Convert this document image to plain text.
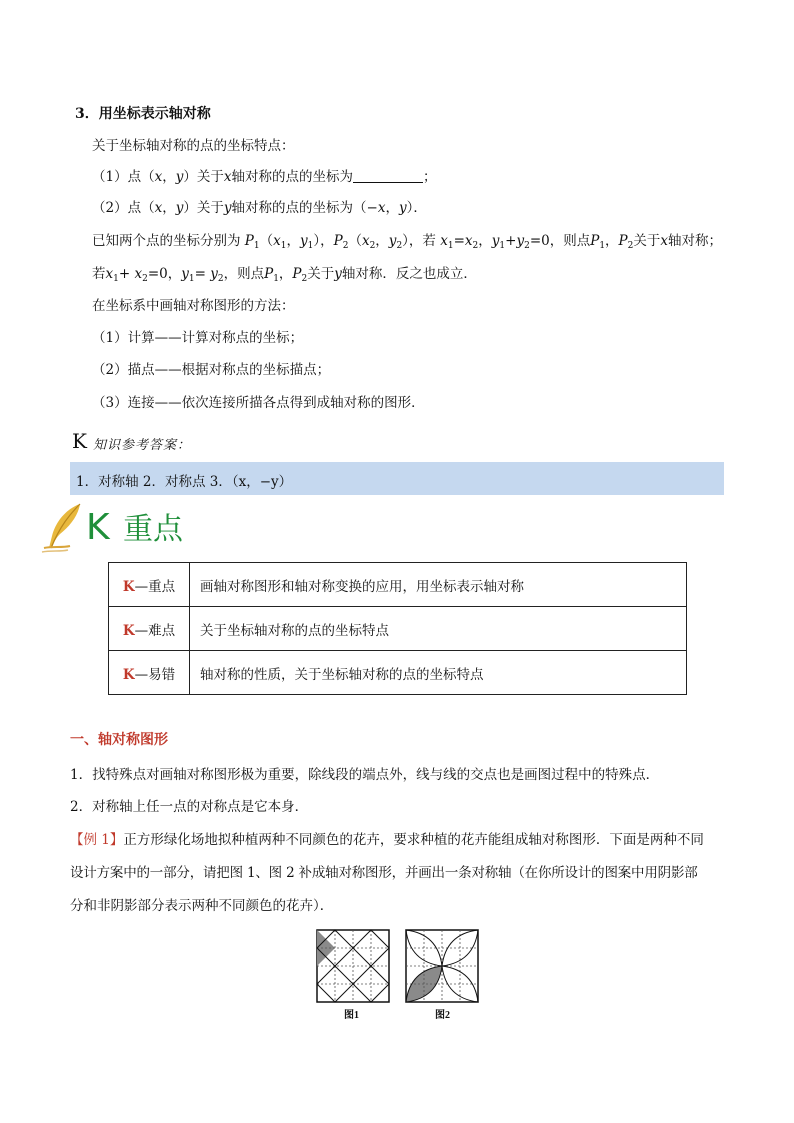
3．用坐标表示轴对称
关于坐标轴对称的点的坐标特点：
（1）点（x，y）关于x轴对称的点的坐标为	；
（2）点（x，y）关于y轴对称的点的坐标为（−x，y）．
已知两个点的坐标分别为 $P_1(x_1$，$y_1$），$P_2(x_2$，$y_2$），若 $x_1=x_2$，$y_1+y_2=0$，则点$P_1$，$P_2$关于x轴对称；
若$x_1+ x_2=0$，$y_1= y_2$，则点$P_1$，$P_2$关于y轴对称．反之也成立．
在坐标系中画轴对称图形的方法：
（1）计算——计算对称点的坐标；
（2）描点——根据对称点的坐标描点；
（3）连接——依次连接所描各点得到成轴对称的图形．
K 知识参考答案：
1．对称轴 2．对称点 3．（x，−y）
K 重点
K—重点	画轴对称图形和轴对称变换的应用，用坐标表示轴对称
K—难点	关于坐标轴对称的点的坐标特点
K—易错	轴对称的性质，关于坐标轴对称的点的坐标特点
一、轴对称图形
1．找特殊点对画轴对称图形极为重要，除线段的端点外，线与线的交点也是画图过程中的特殊点．
2．对称轴上任一点的对称点是它本身．
【例 1】正方形绿化场地拟种植两种不同颜色的花卉，要求种植的花卉能组成轴对称图形．下面是两种不同
设计方案中的一部分，请把图 1、图 2 补成轴对称图形，并画出一条对称轴（在你所设计的图案中用阴影部
分和非阴影部分表示两种不同颜色的花卉）．
图1	图2
